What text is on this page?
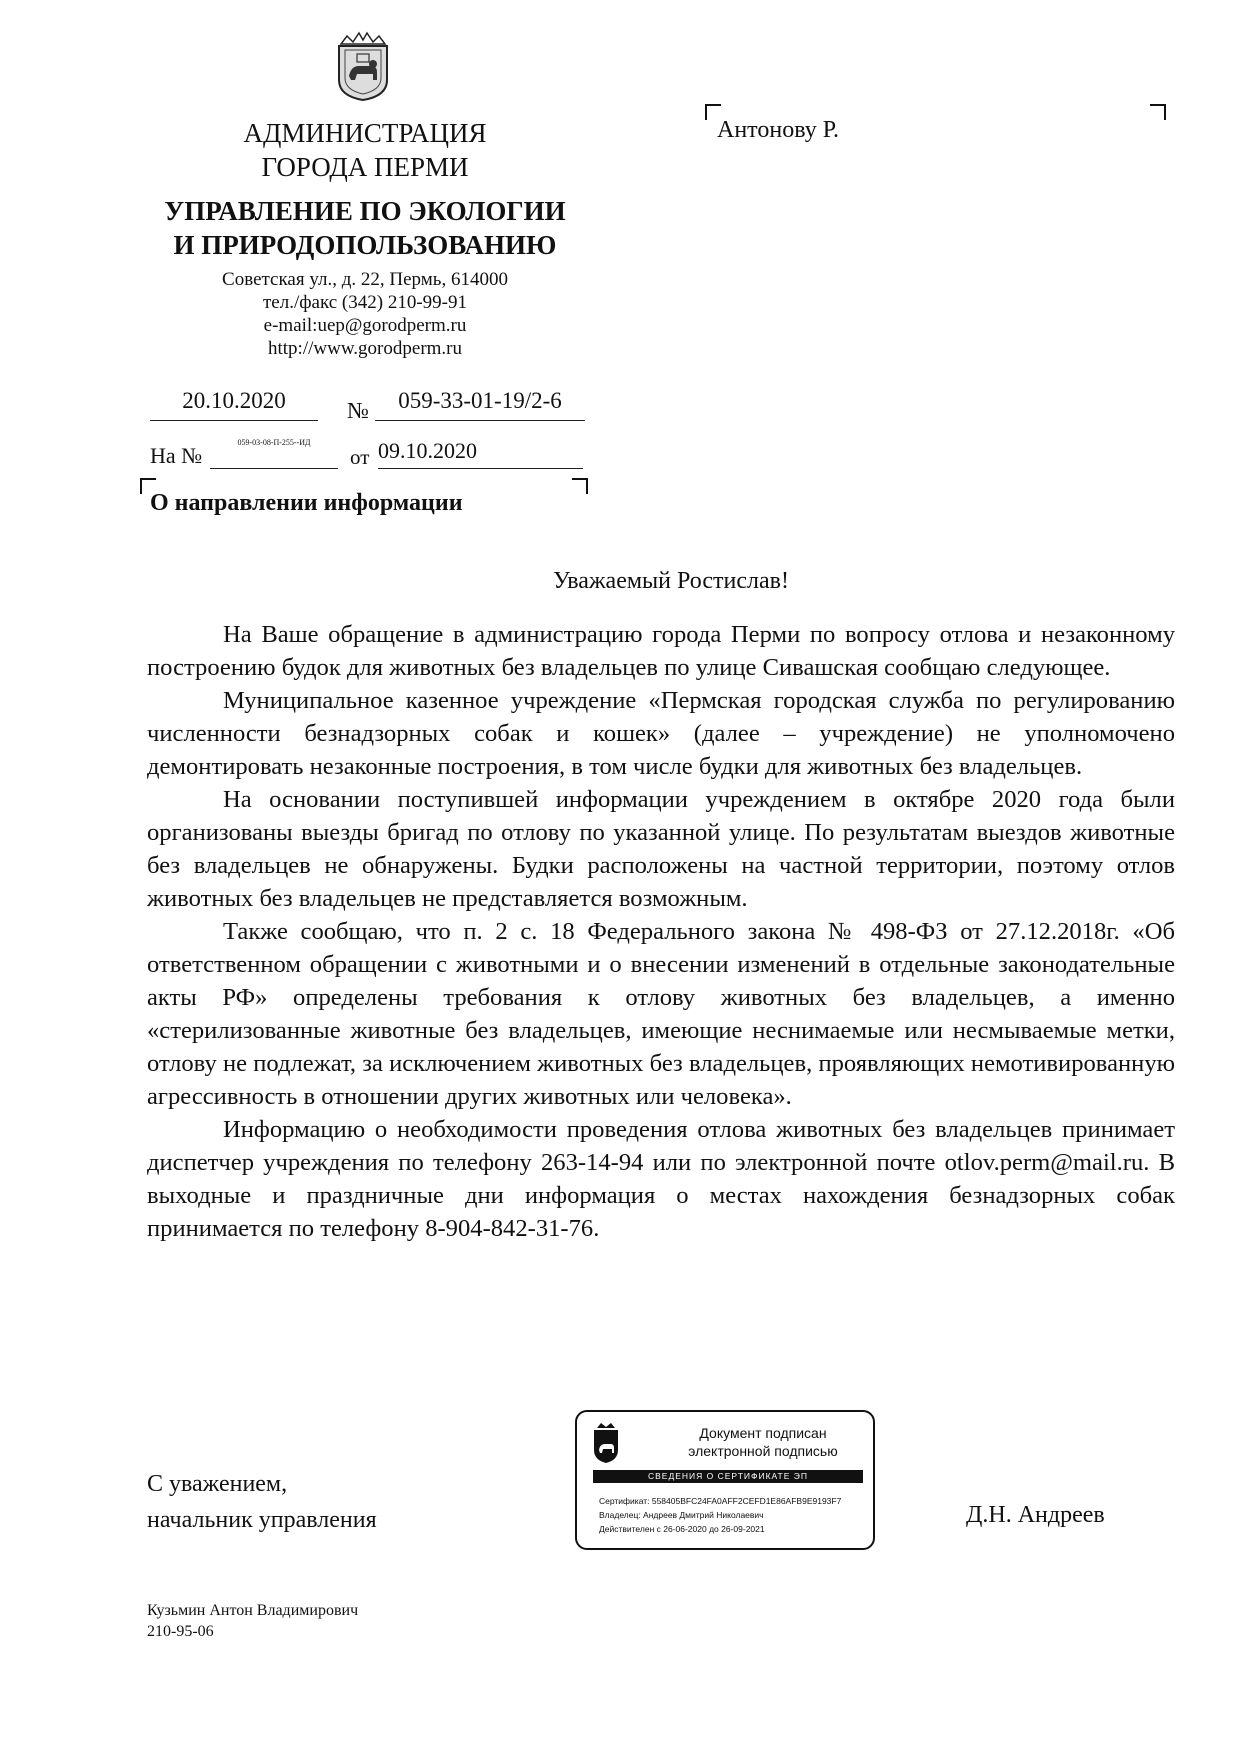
АДМИНИСТРАЦИЯ
ГОРОДА ПЕРМИ
УПРАВЛЕНИЕ ПО ЭКОЛОГИИ
И ПРИРОДОПОЛЬЗОВАНИЮ
Советская ул., д. 22, Пермь, 614000
тел./факс (342) 210-99-91
e-mail:uep@gorodperm.ru
http://www.gorodperm.ru
Антонову Р.
20.10.2020	№	059-33-01-19/2-6
На №
059-03-08-П-255--ИД
от 09.10.2020
О направлении информации
Уважаемый Ростислав!

На Ваше обращение в администрацию города Перми по вопросу отлова и незаконному построению будок для животных без владельцев по улице Сивашская сообщаю следующее.

Муниципальное казенное учреждение «Пермская городская служба по регулированию численности безнадзорных собак и кошек» (далее – учреждение) не уполномочено демонтировать незаконные построения, в том числе будки для животных без владельцев.

На основании поступившей информации учреждением в октябре 2020 года были организованы выезды бригад по отлову по указанной улице. По результатам выездов животные без владельцев не обнаружены. Будки расположены на частной территории, поэтому отлов животных без владельцев не представляется возможным.

Также сообщаю, что п. 2 с. 18 Федерального закона № 498-ФЗ от 27.12.2018г. «Об ответственном обращении с животными и о внесении изменений в отдельные законодательные акты РФ» определены требования к отлову животных без владельцев, а именно «стерилизованные животные без владельцев, имеющие неснимаемые или несмываемые метки, отлову не подлежат, за исключением животных без владельцев, проявляющих немотивированную агрессивность в отношении других животных или человека».

Информацию о необходимости проведения отлова животных без владельцев принимает диспетчер учреждения по телефону 263-14-94 или по электронной почте otlov.perm@mail.ru. В выходные и праздничные дни информация о местах нахождения безнадзорных собак принимается по телефону 8-904-842-31-76.

С уважением,
начальник управления	Д.Н. Андреев
Документ подписан
электронной подписью
СВЕДЕНИЯ О СЕРТИФИКАТЕ ЭП
Сертификат: 558405BFC24FA0AFF2CEFD1E86AFB9E9193F7
Владелец: Андреев Дмитрий Николаевич
Действителен с 26-06-2020 до 26-09-2021
Кузьмин Антон Владимирович
210-95-06
